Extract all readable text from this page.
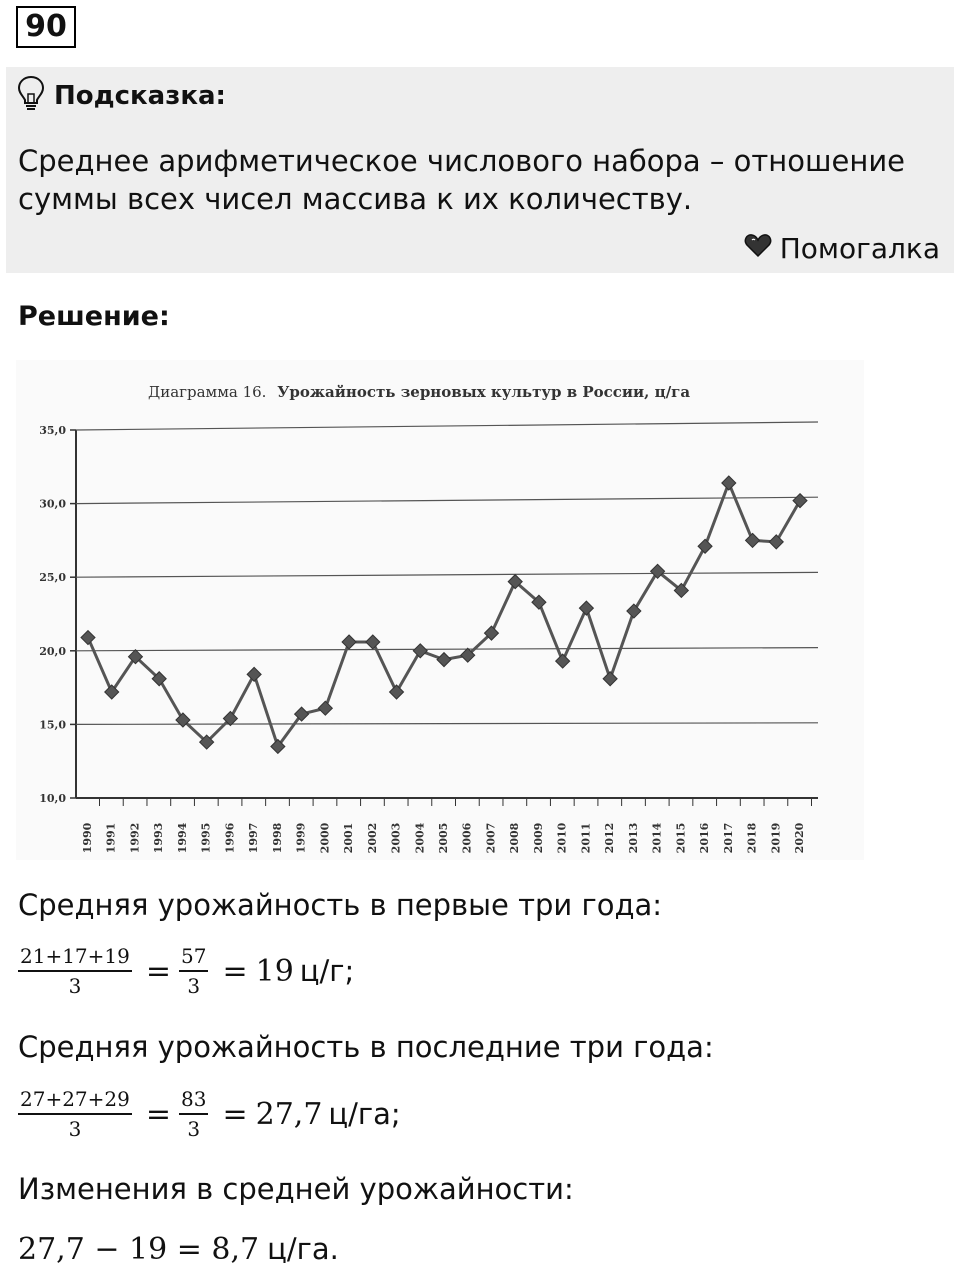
90
Подсказка:
Среднее арифметическое числового набора – отношение
суммы всех чисел массива к их количеству.
Помогалка
Решение:
Диаграмма 16. Урожайность зерновых культур в России, ц/га
10,0
15,0
20,0
25,0
30,0
35,0
1990 1991 1992 1993 1994 1995 1996 1997 1998 1999 2000 2001 2002 2003 2004 2005 2006 2007 2008 2009 2010 2011 2012 2013 2014 2015 2016 2017 2018 2019 2020
Средняя урожайность в первые три года:
$\frac{21+17+19}{3} = \frac{57}{3} = 19$ ц/г;
Средняя урожайность в последние три года:
$\frac{27+27+29}{3} = \frac{83}{3} = 27,7$ ц/га;
Изменения в средней урожайности:
27,7 − 19 = 8,7 ц/га.
